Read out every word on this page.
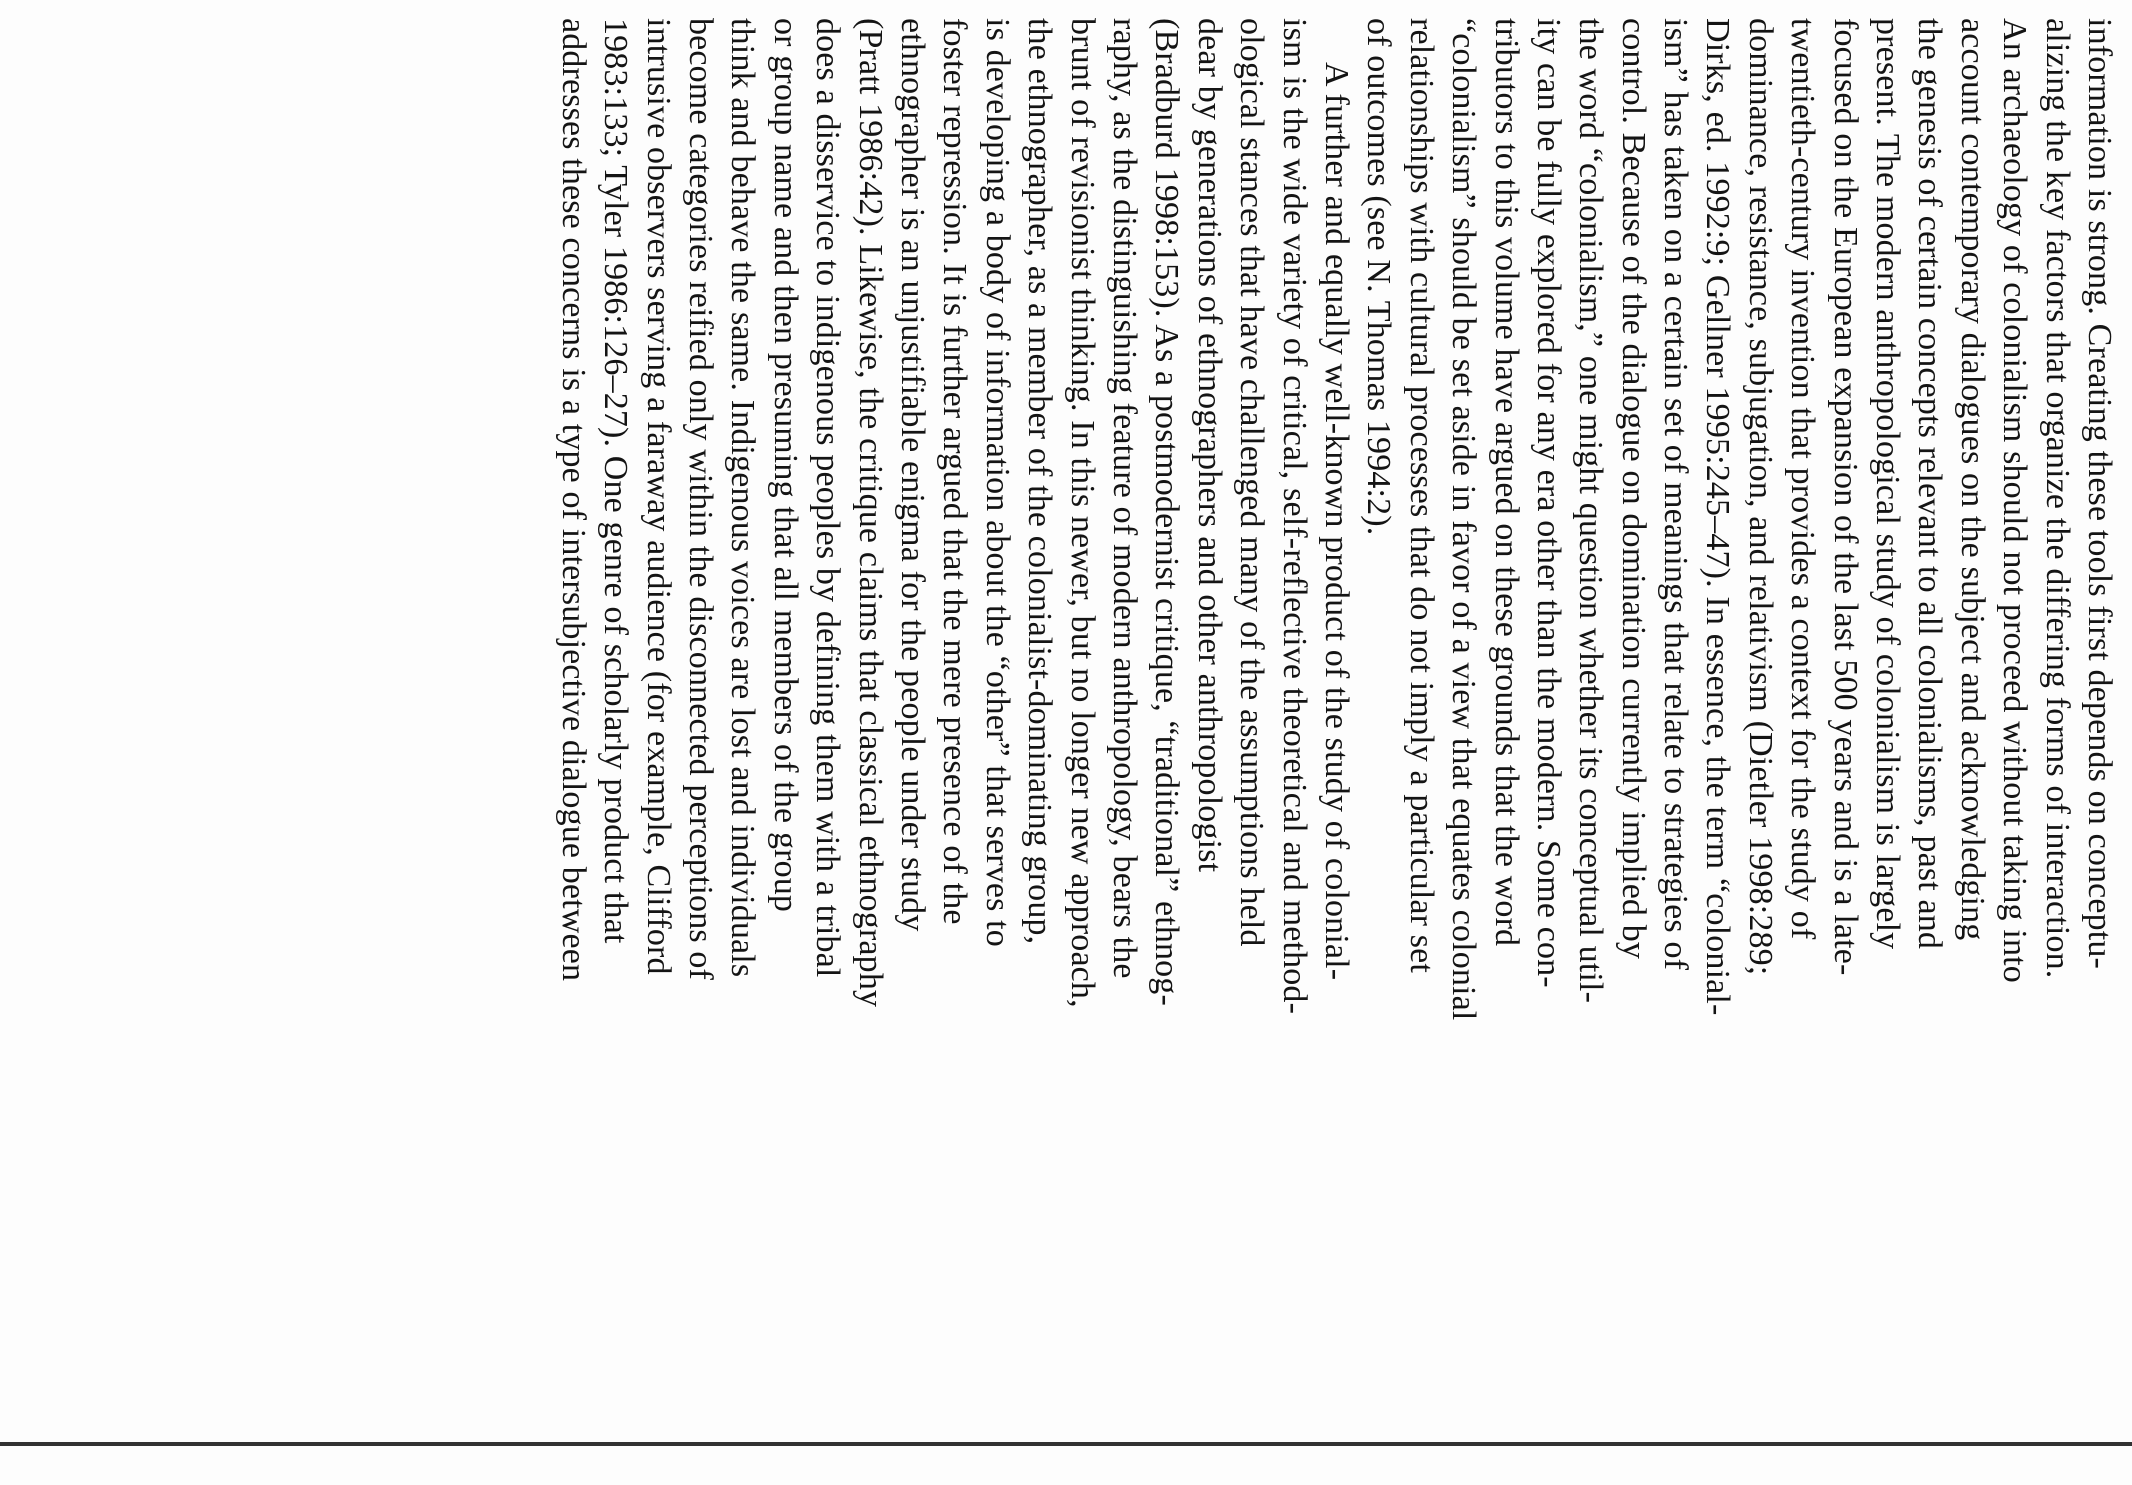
information is strong. Creating these tools first depends on conceptu-
alizing the key factors that organize the differing forms of interaction.
An archaeology of colonialism should not proceed without taking into
account contemporary dialogues on the subject and acknowledging
the genesis of certain concepts relevant to all colonialisms, past and
present. The modern anthropological study of colonialism is largely
focused on the European expansion of the last 500 years and is a late-
twentieth-century invention that provides a context for the study of
dominance, resistance, subjugation, and relativism (Dietler 1998:289;
Dirks, ed. 1992:9; Gellner 1995:245–47). In essence, the term “colonial-
ism” has taken on a certain set of meanings that relate to strategies of
control. Because of the dialogue on domination currently implied by
the word “colonialism,” one might question whether its conceptual util-
ity can be fully explored for any era other than the modern. Some con-
tributors to this volume have argued on these grounds that the word
“colonialism” should be set aside in favor of a view that equates colonial
relationships with cultural processes that do not imply a particular set
of outcomes (see N. Thomas 1994:2).
A further and equally well-known product of the study of colonial-
ism is the wide variety of critical, self-reflective theoretical and method-
ological stances that have challenged many of the assumptions held
dear by generations of ethnographers and other anthropologist
(Bradburd 1998:153). As a postmodernist critique, “traditional” ethnog-
raphy, as the distinguishing feature of modern anthropology, bears the
brunt of revisionist thinking. In this newer, but no longer new approach,
the ethnographer, as a member of the colonialist-dominating group,
is developing a body of information about the “other” that serves to
foster repression. It is further argued that the mere presence of the
ethnographer is an unjustifiable enigma for the people under study
(Pratt 1986:42). Likewise, the critique claims that classical ethnography
does a disservice to indigenous peoples by defining them with a tribal
or group name and then presuming that all members of the group
think and behave the same. Indigenous voices are lost and individuals
become categories reified only within the disconnected perceptions of
intrusive observers serving a faraway audience (for example, Clifford
1983:133; Tyler 1986:126–27). One genre of scholarly product that
addresses these concerns is a type of intersubjective dialogue between
